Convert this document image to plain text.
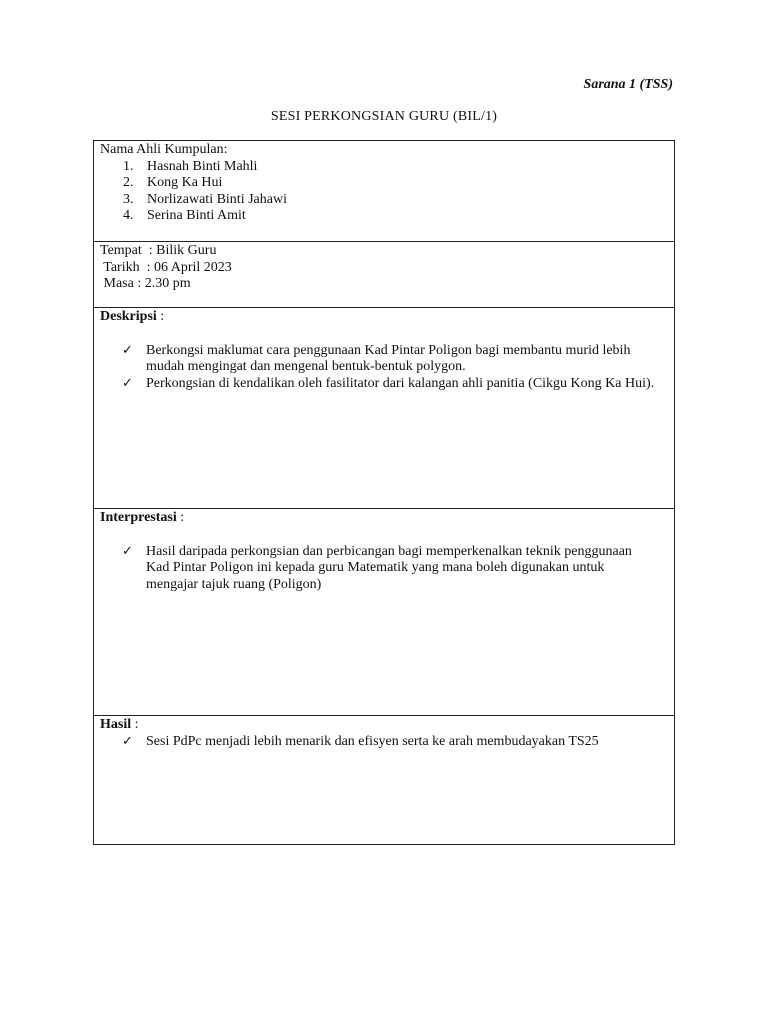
Sarana 1 (TSS)
SESI PERKONGSIAN GURU (BIL/1)
Nama Ahli Kumpulan:
1. Hasnah Binti Mahli
2. Kong Ka Hui
3. Norlizawati Binti Jahawi
4. Serina Binti Amit
Tempat  : Bilik Guru
Tarikh  : 06 April 2023
Masa : 2.30 pm
Deskripsi :
✓ Berkongsi maklumat cara penggunaan Kad Pintar Poligon bagi membantu murid lebih mudah mengingat dan mengenal bentuk-bentuk polygon.
✓ Perkongsian di kendalikan oleh fasilitator dari kalangan ahli panitia (Cikgu Kong Ka Hui).
Interprestasi :
✓ Hasil daripada perkongsian dan perbicangan bagi memperkenalkan teknik penggunaan Kad Pintar Poligon ini kepada guru Matematik yang mana boleh digunakan untuk mengajar tajuk ruang (Poligon)
Hasil :
✓ Sesi PdPc menjadi lebih menarik dan efisyen serta ke arah membudayakan TS25
